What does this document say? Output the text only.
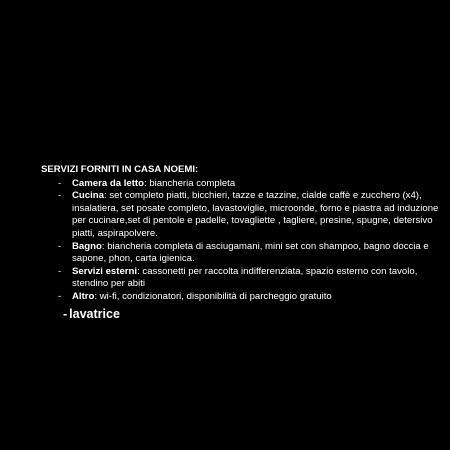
SERVIZI FORNITI IN CASA NOEMI:
- Camera da letto: biancheria completa
- Cucina: set completo piatti, bicchieri, tazze e tazzine, cialde caffè e zucchero (x4), insalatiera, set posate completo, lavastoviglie, microonde, forno e piastra ad induzione per cucinare,set di pentole e padelle, tovagliette , tagliere, presine, spugne, detersivo piatti, aspirapolvere.
- Bagno: biancheria completa di asciugamani, mini set con shampoo, bagno doccia e sapone, phon, carta igienica.
- Servizi esterni: cassonetti per raccolta indifferenziata, spazio esterno con tavolo, stendino per abiti
- Altro: wi-fi, condizionatori, disponibilità di parcheggio gratuito
- lavatrice
